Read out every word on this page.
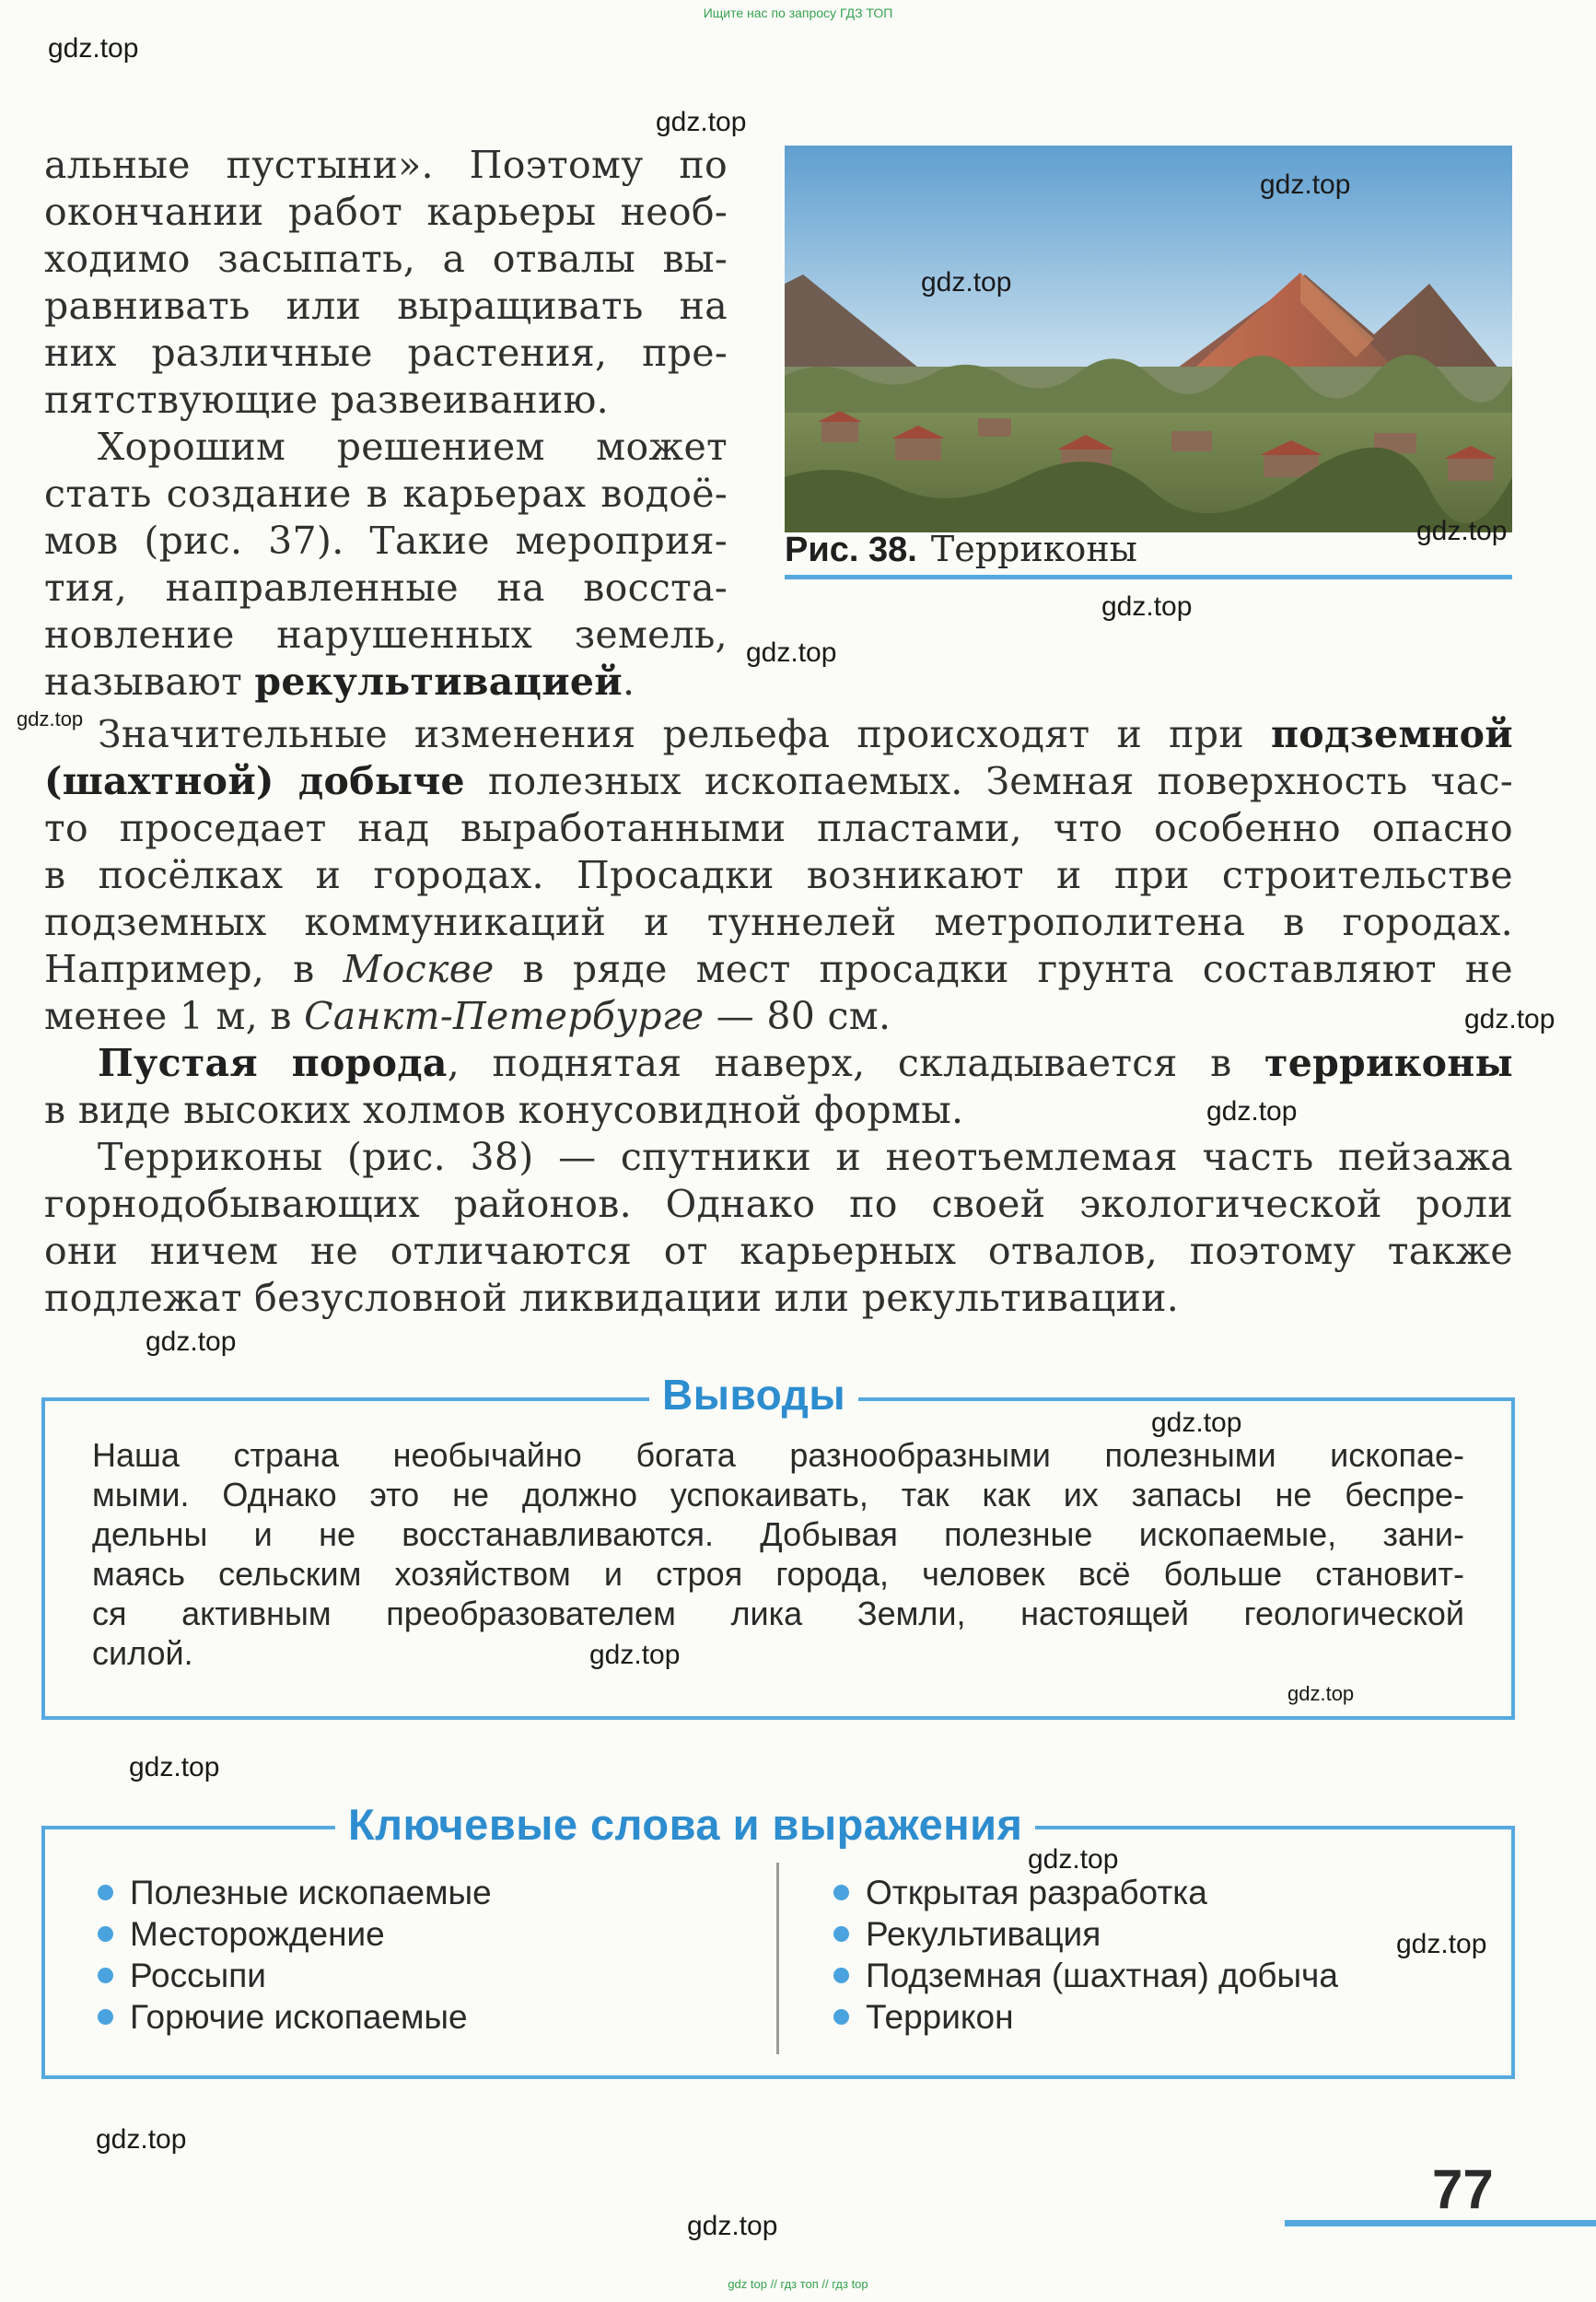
Ищите нас по запросу ГДЗ ТОП
альные пустыни». Поэтому по
окончании работ карьеры необ-
ходимо засыпать, а отвалы вы-
равнивать или выращивать на
них различные растения, пре-
пятствующие развеиванию.
Хорошим решением может
стать создание в карьерах водоё-
мов (рис. 37). Такие мероприя-
тия, направленные на восста-
новление нарушенных земель,
называют рекультивацией.
Рис. 38. Терриконы
Значительные изменения рельефа происходят и при подземной
(шахтной) добыче полезных ископаемых. Земная поверхность час-
то проседает над выработанными пластами, что особенно опасно
в посёлках и городах. Просадки возникают и при строительстве
подземных коммуникаций и туннелей метрополитена в городах.
Например, в Москве в ряде мест просадки грунта составляют не
менее 1 м, в Санкт-Петербурге — 80 см.
Пустая порода, поднятая наверх, складывается в терриконы
в виде высоких холмов конусовидной формы.
Терриконы (рис. 38) — спутники и неотъемлемая часть пейзажа
горнодобывающих районов. Однако по своей экологической роли
они ничем не отличаются от карьерных отвалов, поэтому также
подлежат безусловной ликвидации или рекультивации.
Выводы
Наша страна необычайно богата разнообразными полезными ископае-
мыми. Однако это не должно успокаивать, так как их запасы не беспре-
дельны и не восстанавливаются. Добывая полезные ископаемые, зани-
маясь сельским хозяйством и строя города, человек всё больше становит-
ся активным преобразователем лика Земли, настоящей геологической
силой.
Ключевые слова и выражения
Полезные ископаемые
Месторождение
Россыпи
Горючие ископаемые
Открытая разработка
Рекультивация
Подземная (шахтная) добыча
Террикон
77
gdz.top
gdz.top
gdz.top
gdz.top
gdz.top
gdz.top
gdz.top
gdz.top
gdz.top
gdz.top
gdz.top
gdz.top
gdz.top
gdz.top
gdz.top
gdz.top
gdz.top
gdz.top
gdz.top
gdz top // гдз топ // гдз top
